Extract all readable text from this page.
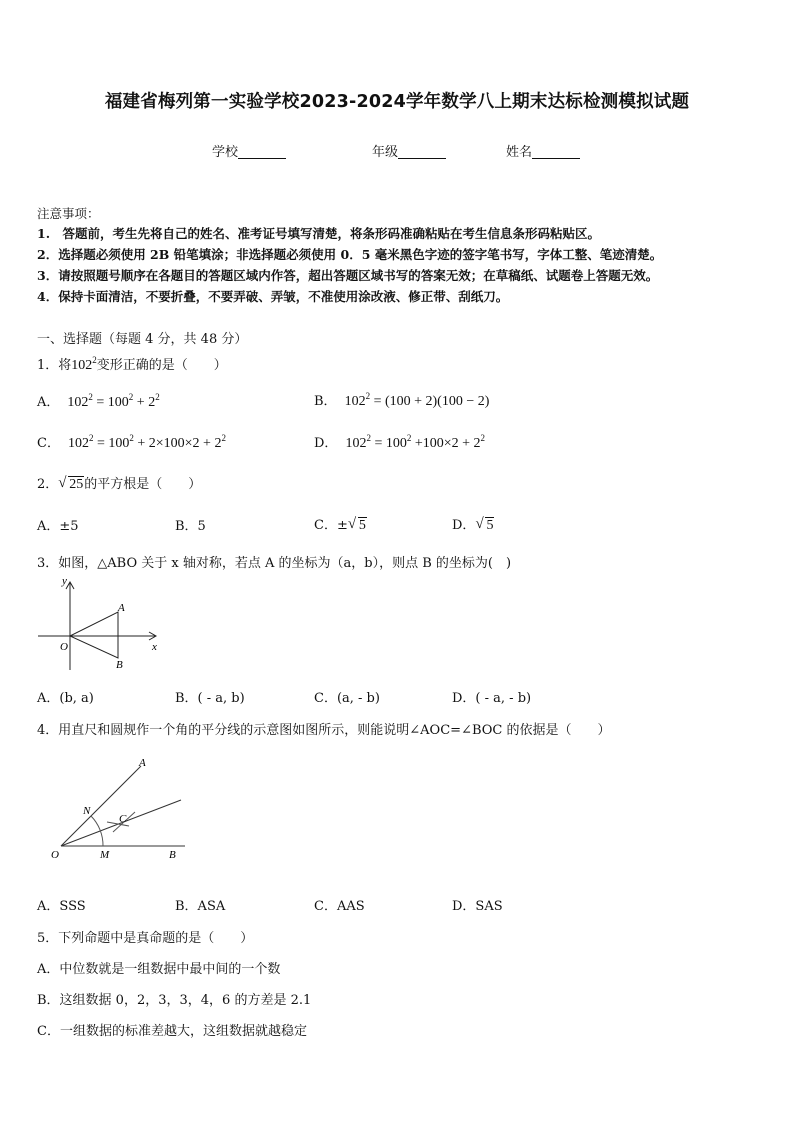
福建省梅列第一实验学校2023-2024学年数学八上期末达标检测模拟试题
学校	年级	姓名
注意事项：
1.　答题前，考生先将自己的姓名、准考证号填写清楚，将条形码准确粘贴在考生信息条形码粘贴区。
2．选择题必须使用 2B 铅笔填涂；非选择题必须使用 0．5 毫米黑色字迹的签字笔书写，字体工整、笔迹清楚。
3．请按照题号顺序在各题目的答题区域内作答，超出答题区域书写的答案无效；在草稿纸、试题卷上答题无效。
4．保持卡面清洁，不要折叠，不要弄破、弄皱，不准使用涂改液、修正带、刮纸刀。
一、选择题（每题 4 分，共 48 分）
1．将$102^2$变形正确的是（　　）
A． $102^2 = 100^2 + 2^2$	B． $102^2 = (100 + 2)(100 - 2)$
C． $102^2 = 100^2 + 2\times 100\times 2 + 2^2$	D． $102^2 = 100^2 +100\times 2 + 2^2$
2． √ 25的平方根是（　　）
A．±5	B．5	C．± √ 5	D． √ 5
3．如图，△ABO 关于 x 轴对称，若点 A 的坐标为（a，b），则点 B 的坐标为(　)
y
x
O
A
B
A．(b, a)	B．( - a, b)	C．(a, - b)	D．( - a, - b)
4．用直尺和圆规作一个角的平分线的示意图如图所示，则能说明∠AOC=∠BOC 的依据是（　　）
A
N
C
O	M	B
A．SSS	B．ASA	C．AAS	D．SAS
5．下列命题中是真命题的是（　　）
A．中位数就是一组数据中最中间的一个数
B．这组数据 0，2，3，3，4，6 的方差是 2.1
C．一组数据的标准差越大，这组数据就越稳定
